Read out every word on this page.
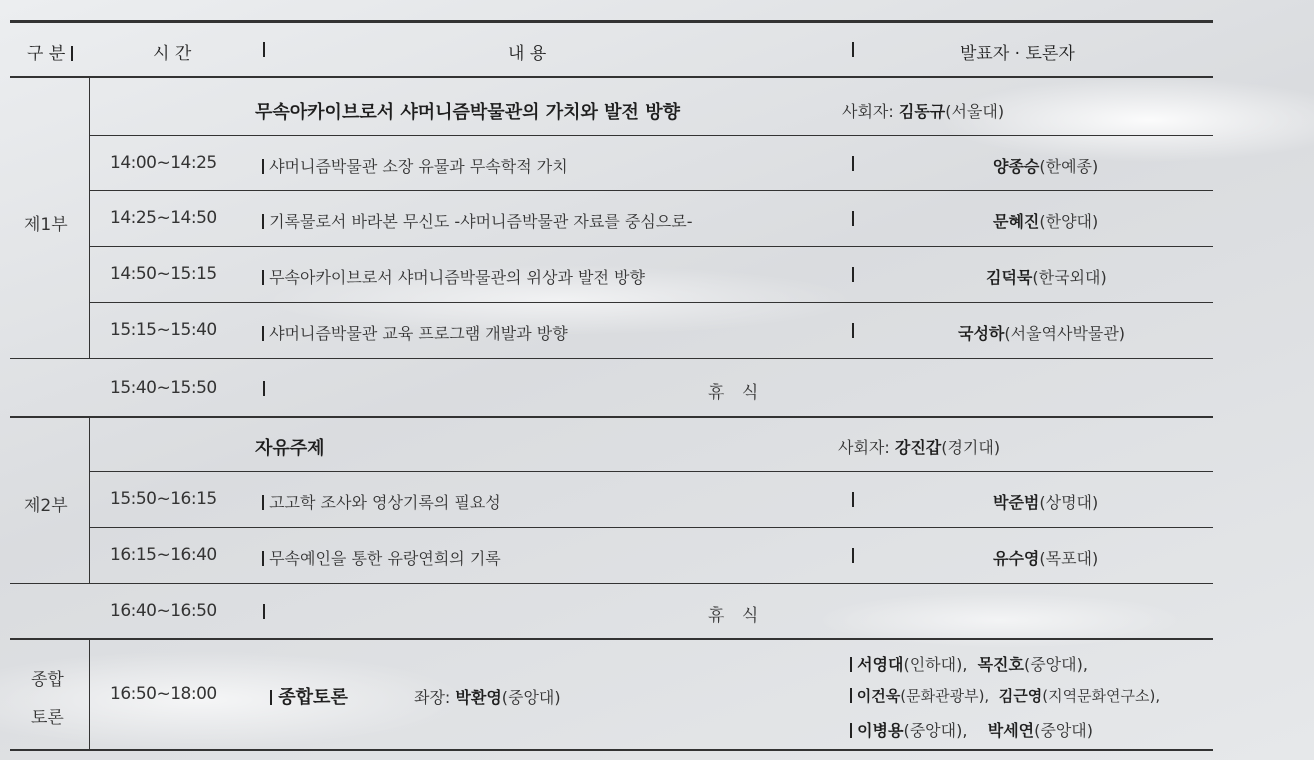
구 분	시 간	내 용	발표자 · 토론자
제1부
무속아카이브로서 샤머니즘박물관의 가치와 발전 방향	사회자: 김동규(서울대)
14:00~14:25	샤머니즘박물관 소장 유물과 무속학적 가치	양종승(한예종)
14:25~14:50	기록물로서 바라본 무신도 -샤머니즘박물관 자료를 중심으로-	문혜진(한양대)
14:50~15:15	무속아카이브로서 샤머니즘박물관의 위상과 발전 방향	김덕묵(한국외대)
15:15~15:40	샤머니즘박물관 교육 프로그램 개발과 방향	국성하(서울역사박물관)
15:40~15:50	휴 식
제2부
자유주제	사회자: 강진갑(경기대)
15:50~16:15	고고학 조사와 영상기록의 필요성	박준범(상명대)
16:15~16:40	무속예인을 통한 유랑연희의 기록	유수영(목포대)
16:40~16:50	휴 식
종합
토론
16:50~18:00	종합토론	좌장: 박환영(중앙대)
서영대(인하대), 목진호(중앙대),
이건욱(문화관광부), 김근영(지역문화연구소),
이병용(중앙대), 박세연(중앙대)
